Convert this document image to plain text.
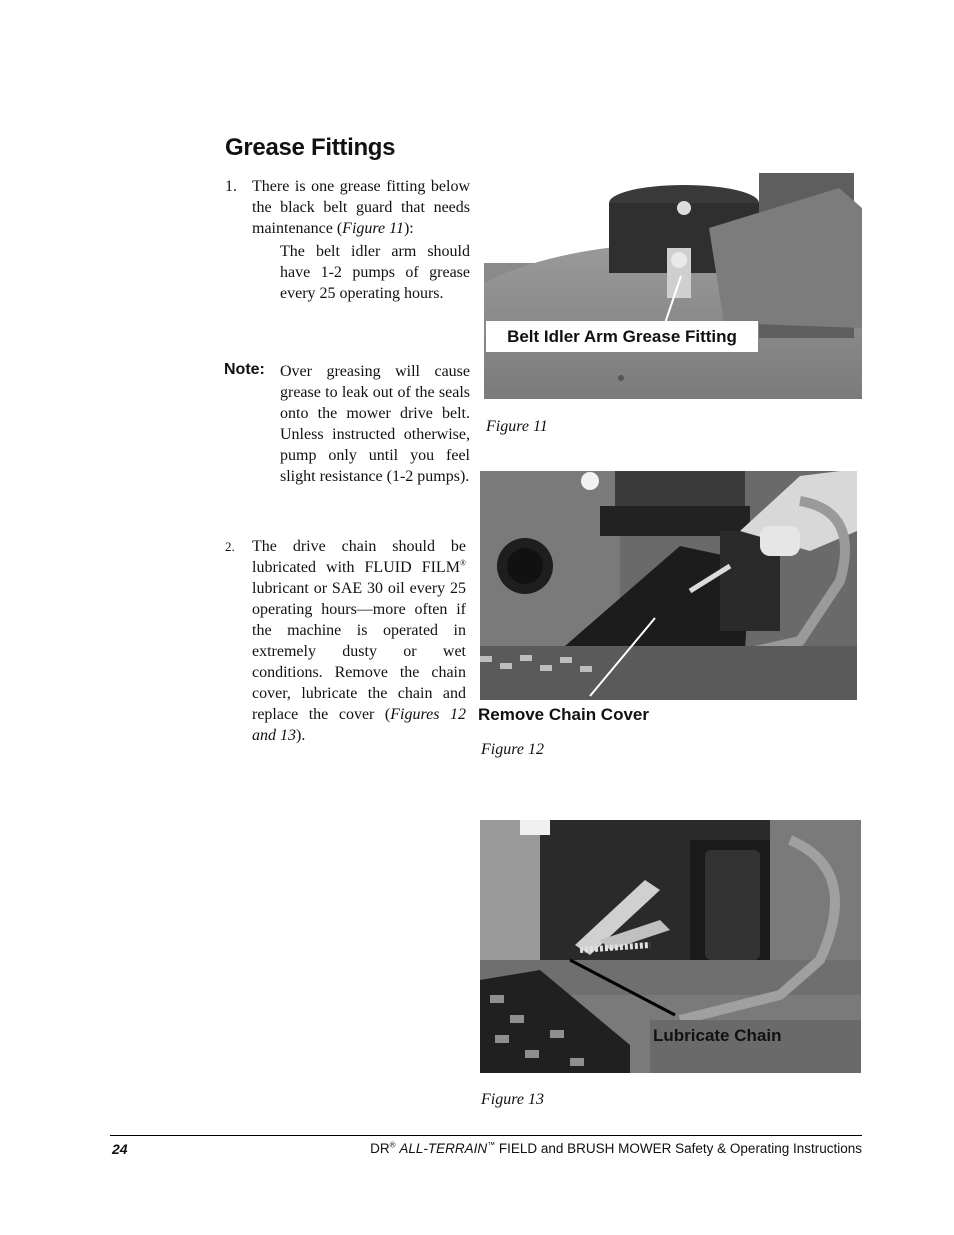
Grease Fittings
1. There is one grease fitting below the black belt guard that needs maintenance (Figure 11):
The belt idler arm should have 1-2 pumps of grease every 25 operating hours.
Note: Over greasing will cause grease to leak out of the seals onto the mower drive belt. Unless instructed otherwise, pump only until you feel slight resistance (1-2 pumps).
2. The drive chain should be lubricated with FLUID FILM® lubricant or SAE 30 oil every 25 operating hours—more often if the machine is operated in extremely dusty or wet conditions. Remove the chain cover, lubricate the chain and replace the cover (Figures 12 and 13).
Belt Idler Arm Grease Fitting
Figure 11
Remove Chain Cover
Figure 12
Lubricate Chain
Figure 13
24	DR® ALL-TERRAIN™ FIELD and BRUSH MOWER Safety & Operating Instructions
